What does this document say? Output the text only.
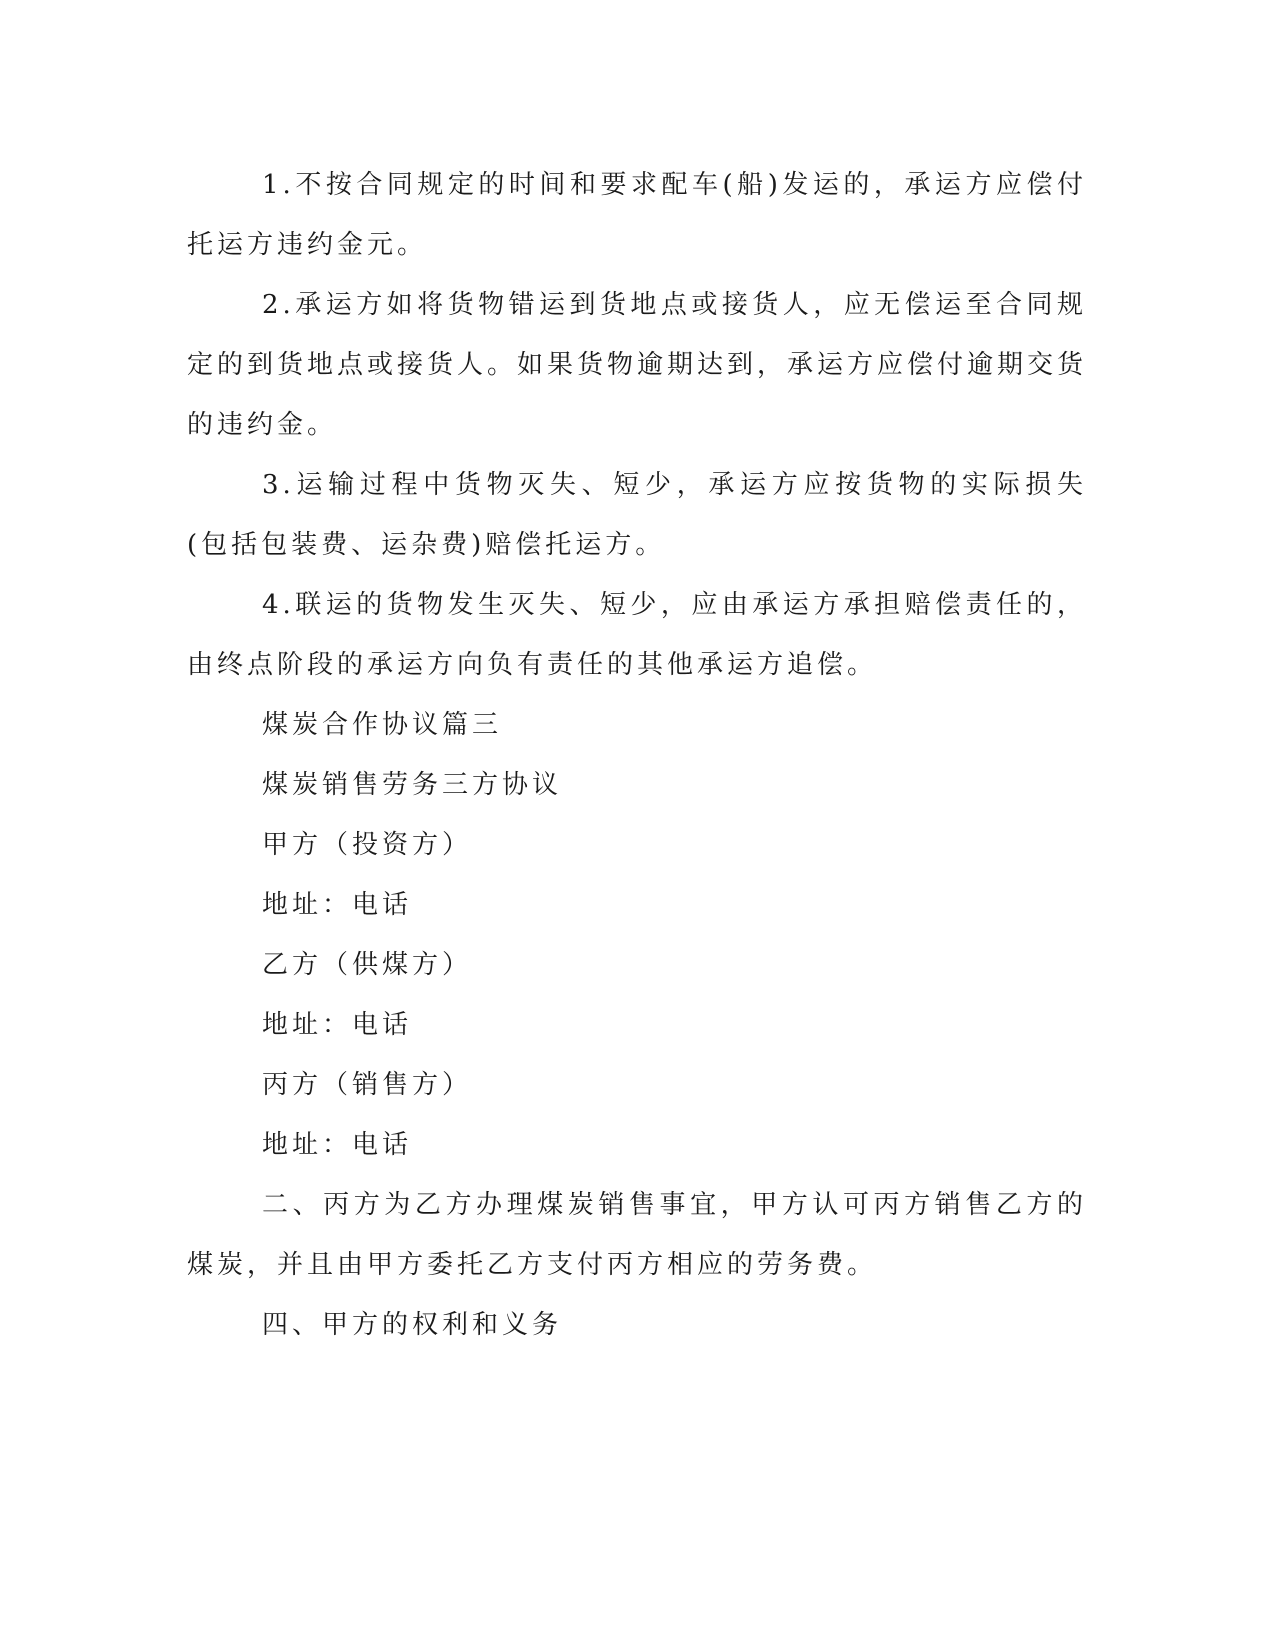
1.不按合同规定的时间和要求配车(船)发运的，承运方应偿付托运方违约金元。

2.承运方如将货物错运到货地点或接货人，应无偿运至合同规定的到货地点或接货人。如果货物逾期达到，承运方应偿付逾期交货的违约金。

3.运输过程中货物灭失、短少，承运方应按货物的实际损失(包括包装费、运杂费)赔偿托运方。

4.联运的货物发生灭失、短少，应由承运方承担赔偿责任的，由终点阶段的承运方向负有责任的其他承运方追偿。

煤炭合作协议篇三

煤炭销售劳务三方协议

甲方（投资方）

地址：电话

乙方（供煤方）

地址：电话

丙方（销售方）

地址：电话

二、丙方为乙方办理煤炭销售事宜，甲方认可丙方销售乙方的煤炭，并且由甲方委托乙方支付丙方相应的劳务费。

四、甲方的权利和义务
